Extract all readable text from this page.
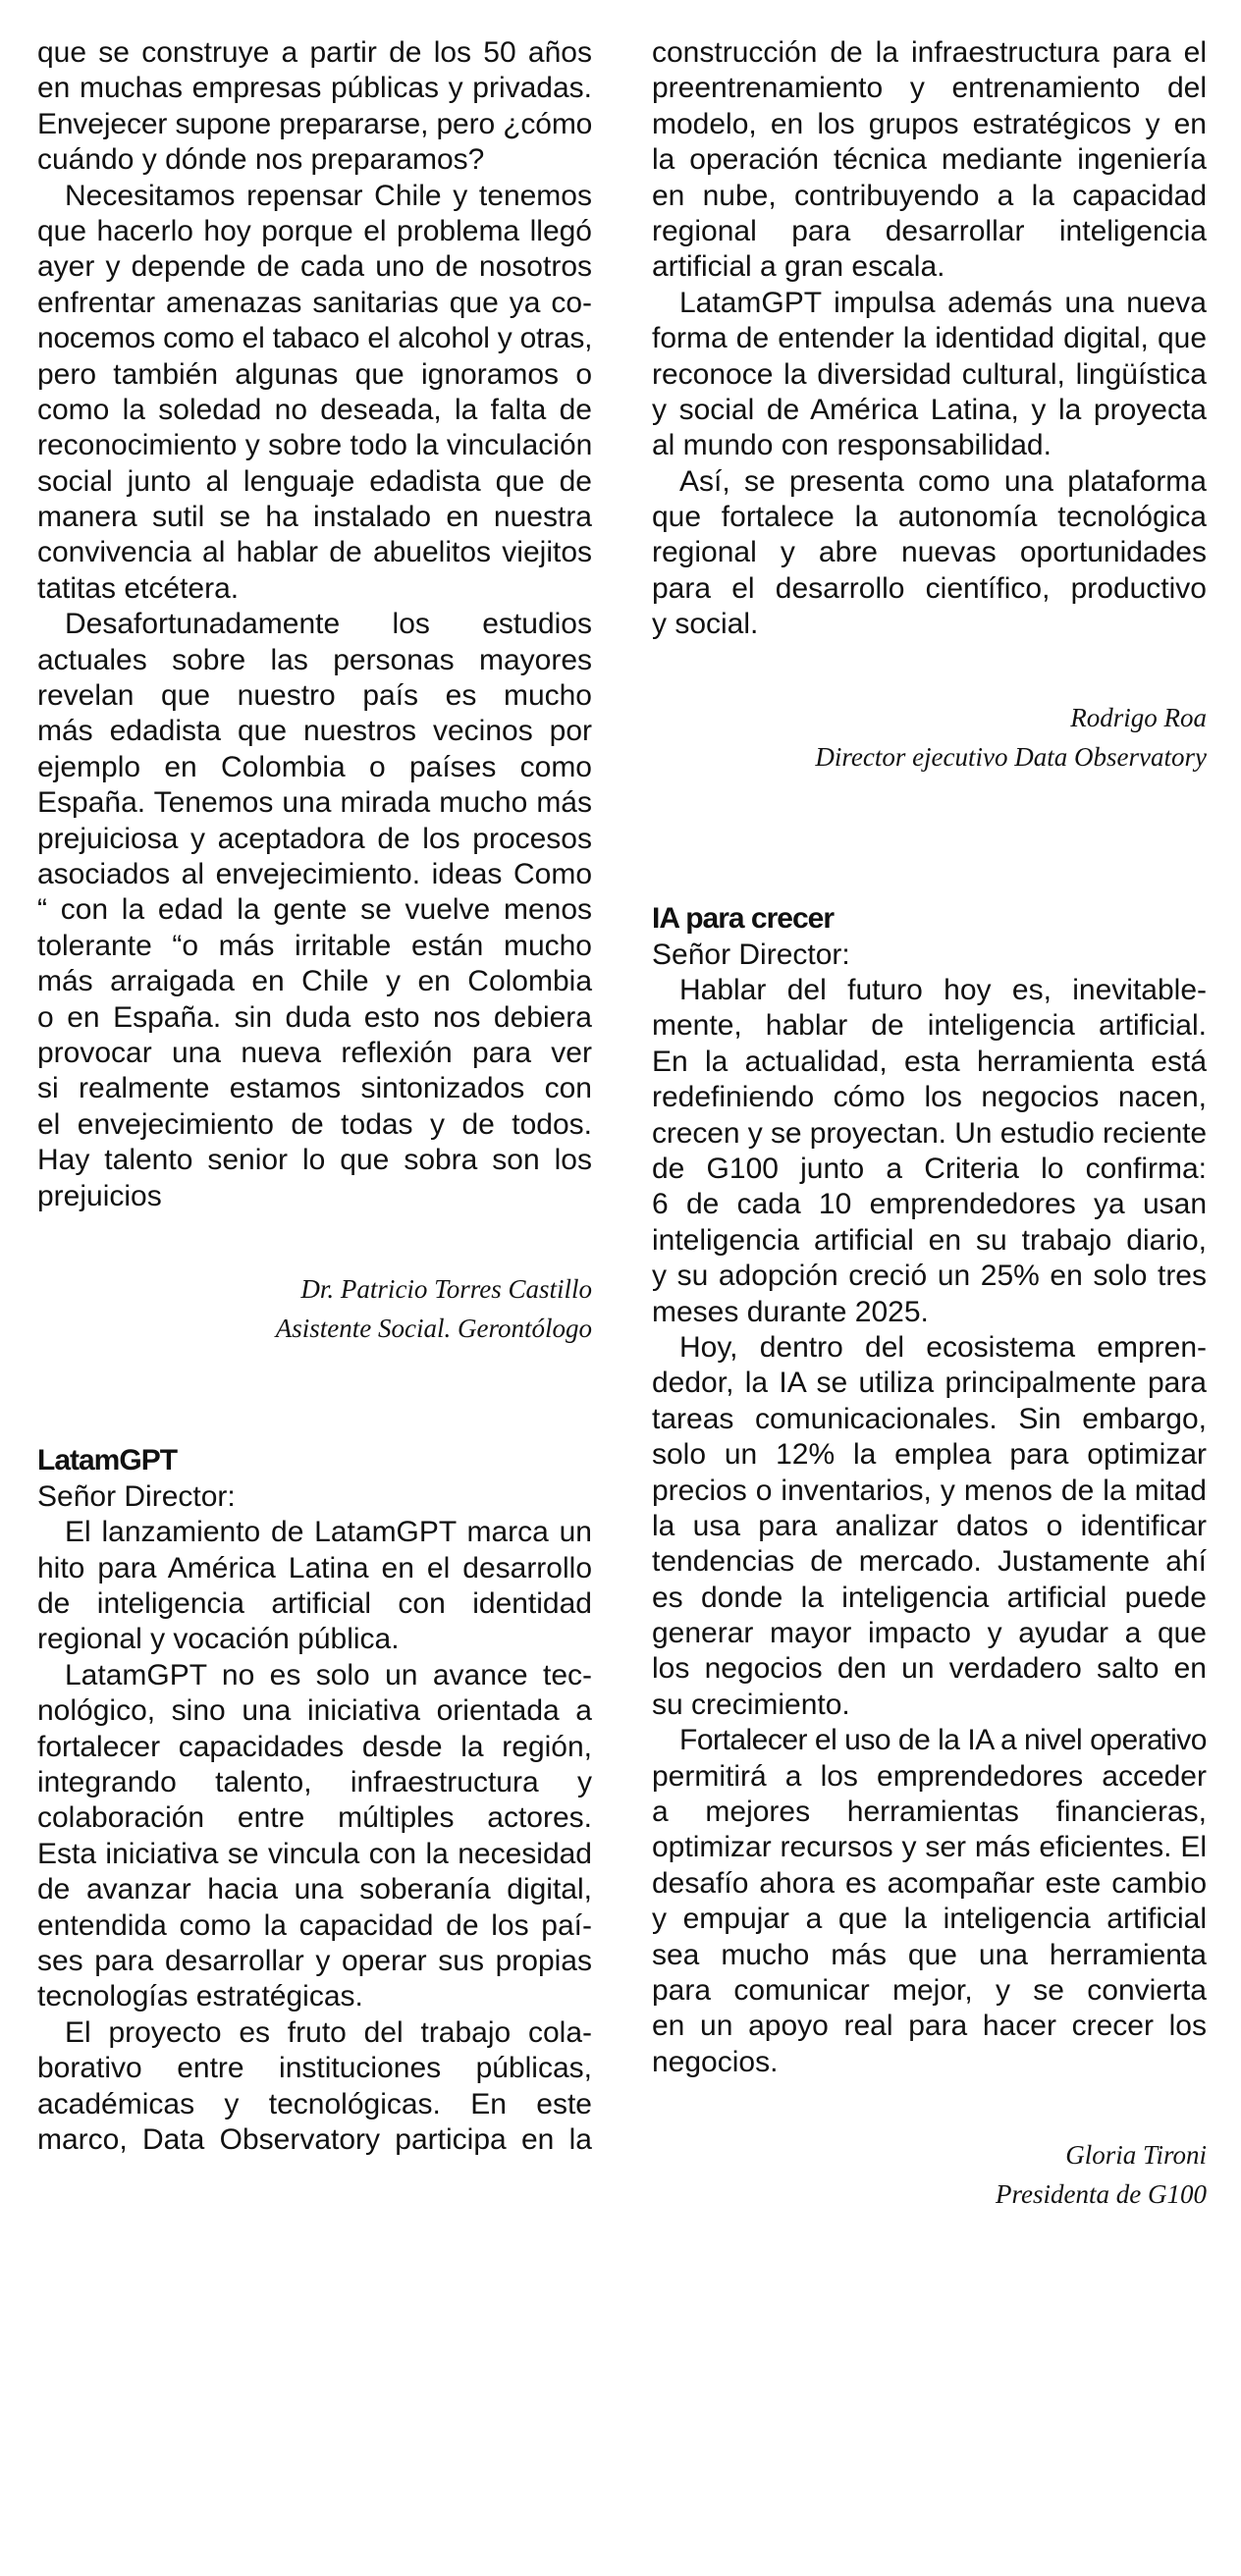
que se construye a partir de los 50 años
en muchas empresas públicas y privadas.
Envejecer supone prepararse, pero ¿cómo
cuándo y dónde nos preparamos?
Necesitamos repensar Chile y tenemos
que hacerlo hoy porque el problema llegó
ayer y depende de cada uno de nosotros
enfrentar amenazas sanitarias que ya co-
nocemos como el tabaco el alcohol y otras,
pero también algunas que ignoramos o
como la soledad no deseada, la falta de
reconocimiento y sobre todo la vinculación
social junto al lenguaje edadista que de
manera sutil se ha instalado en nuestra
convivencia al hablar de abuelitos viejitos
tatitas etcétera.
Desafortunadamente los estudios
actuales sobre las personas mayores
revelan que nuestro país es mucho
más edadista que nuestros vecinos por
ejemplo en Colombia o países como
España. Tenemos una mirada mucho más
prejuiciosa y aceptadora de los procesos
asociados al envejecimiento. ideas Como
“ con la edad la gente se vuelve menos
tolerante “o más irritable están mucho
más arraigada en Chile y en Colombia
o en España. sin duda esto nos debiera
provocar una nueva reflexión para ver
si realmente estamos sintonizados con
el envejecimiento de todas y de todos.
Hay talento senior lo que sobra son los
prejuicios
Dr. Patricio Torres Castillo
Asistente Social. Gerontólogo
LatamGPT
Señor Director:
El lanzamiento de LatamGPT marca un
hito para América Latina en el desarrollo
de inteligencia artificial con identidad
regional y vocación pública.
LatamGPT no es solo un avance tec-
nológico, sino una iniciativa orientada a
fortalecer capacidades desde la región,
integrando talento, infraestructura y
colaboración entre múltiples actores.
Esta iniciativa se vincula con la necesidad
de avanzar hacia una soberanía digital,
entendida como la capacidad de los paí-
ses para desarrollar y operar sus propias
tecnologías estratégicas.
El proyecto es fruto del trabajo cola-
borativo entre instituciones públicas,
académicas y tecnológicas. En este
marco, Data Observatory participa en la
construcción de la infraestructura para el
preentrenamiento y entrenamiento del
modelo, en los grupos estratégicos y en
la operación técnica mediante ingeniería
en nube, contribuyendo a la capacidad
regional para desarrollar inteligencia
artificial a gran escala.
LatamGPT impulsa además una nueva
forma de entender la identidad digital, que
reconoce la diversidad cultural, lingüística
y social de América Latina, y la proyecta
al mundo con responsabilidad.
Así, se presenta como una plataforma
que fortalece la autonomía tecnológica
regional y abre nuevas oportunidades
para el desarrollo científico, productivo
y social.
Rodrigo Roa
Director ejecutivo Data Observatory
IA para crecer
Señor Director:
Hablar del futuro hoy es, inevitable-
mente, hablar de inteligencia artificial.
En la actualidad, esta herramienta está
redefiniendo cómo los negocios nacen,
crecen y se proyectan. Un estudio reciente
de G100 junto a Criteria lo confirma:
6 de cada 10 emprendedores ya usan
inteligencia artificial en su trabajo diario,
y su adopción creció un 25% en solo tres
meses durante 2025.
Hoy, dentro del ecosistema empren-
dedor, la IA se utiliza principalmente para
tareas comunicacionales. Sin embargo,
solo un 12% la emplea para optimizar
precios o inventarios, y menos de la mitad
la usa para analizar datos o identificar
tendencias de mercado. Justamente ahí
es donde la inteligencia artificial puede
generar mayor impacto y ayudar a que
los negocios den un verdadero salto en
su crecimiento.
Fortalecer el uso de la IA a nivel operativo
permitirá a los emprendedores acceder
a mejores herramientas financieras,
optimizar recursos y ser más eficientes. El
desafío ahora es acompañar este cambio
y empujar a que la inteligencia artificial
sea mucho más que una herramienta
para comunicar mejor, y se convierta
en un apoyo real para hacer crecer los
negocios.
Gloria Tironi
Presidenta de G100
